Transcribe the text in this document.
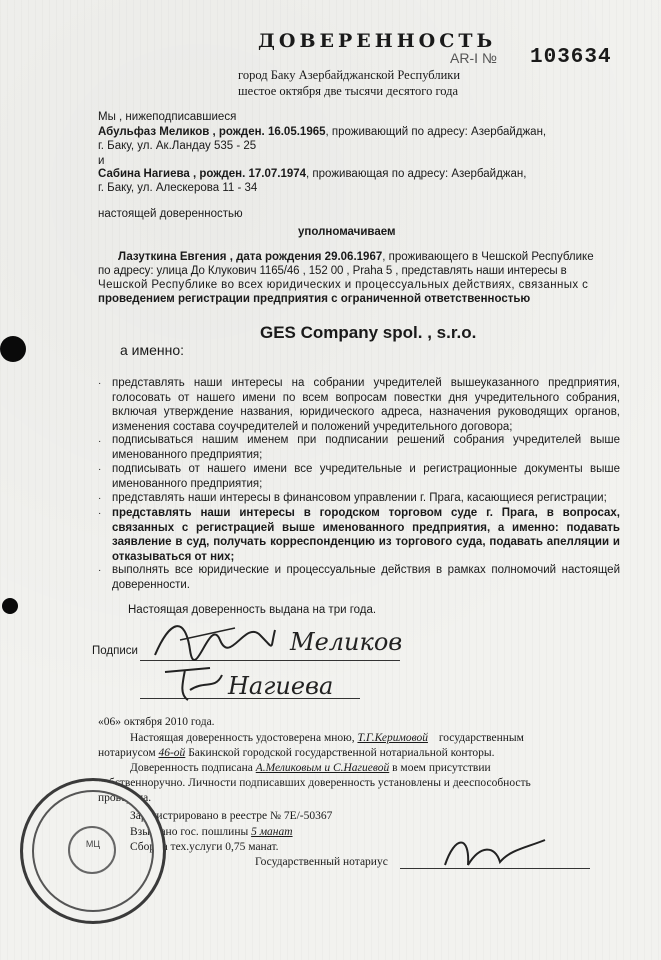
ДОВЕРЕННОСТЬ
AR-I № 103634
город Баку Азербайджанской Республики
шестое октября две тысячи десятого года
Мы , нижеподписавшиеся
Абульфаз Меликов , рожден. 16.05.1965, проживающий по адресу: Азербайджан,
г. Баку, ул. Ак.Ландау 535 - 25
и
Сабина Нагиева , рожден. 17.07.1974, проживающая по адресу: Азербайджан,
г. Баку, ул. Алескерова 11 - 34
настоящей доверенностью
уполномачиваем
Лазуткина Евгения , дата рождения 29.06.1967, проживающего в Чешской Республике
по адресу: улица До Клукович 1165/46 , 152 00 , Praha 5 , представлять наши интересы в
Чешской Республике во всех юридических и процессуальных действиях, связанных с
проведением регистрации предприятия с ограниченной ответственностью
GES Company spol. , s.r.o.
а именно:
· представлять наши интересы на собрании учредителей вышеуказанного предприятия, голосовать от нашего имени по всем вопросам повестки дня учредительного собрания, включая утверждение названия, юридического адреса, назначения руководящих органов, изменения состава соучредителей и положений учредительного договора;
· подписываться нашим именем при подписании решений собрания учредителей выше именованного предприятия;
· подписывать от нашего имени все учредительные и регистрационные документы выше именованного предприятия;
· представлять наши интересы в финансовом управлении г. Прага, касающиеся регистрации;
· представлять наши интересы в городском торговом суде г. Прага, в вопросах, связанных с регистрацией выше именованного предприятия, а именно: подавать заявление в суд, получать корреспонденцию из торгового суда, подавать апелляции и отказываться от них;
· выполнять все юридические и процессуальные действия в рамках полномочий настоящей доверенности.
Настоящая доверенность выдана на три года.
Подписи	Меликов
Нагиева
«06» октября 2010 года.
Настоящая доверенность удостоверена мною, Т.Г.Керимовой государственным
нотариусом 46-ой Бакинской городской государственной нотариальной конторы.
Доверенность подписана А.Меликовым и С.Нагиевой в моем присутствии
собственноручно. Личности подписавших доверенность установлены и дееспособность
проверена.
Зарегистрировано в реестре № 7Е/-50367
Взыскано гос. пошлины 5 манат
Сбор за тех.услуги 0,75 манат.
Государственный нотариус
МЦ
